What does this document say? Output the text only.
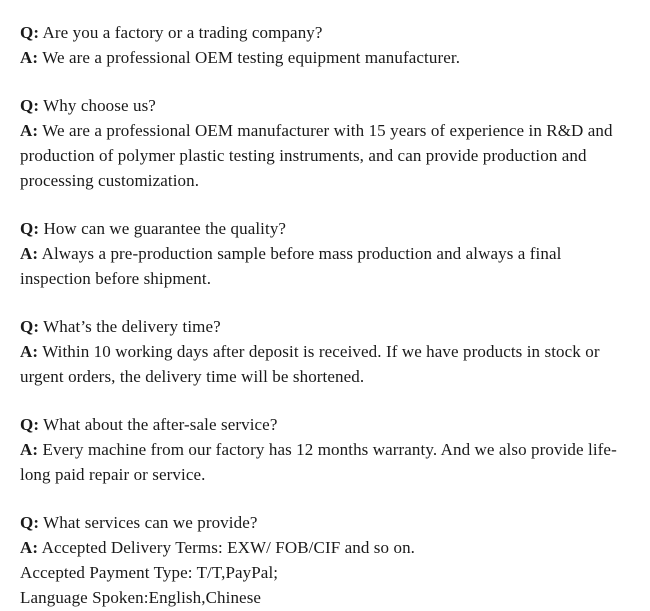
Q: Are you a factory or a trading company?

A: We are a professional OEM testing equipment manufacturer.

Q: Why choose us?

A: We are a professional OEM manufacturer with 15 years of experience in R&D and production of polymer plastic testing instruments, and can provide production and processing customization.

Q: How can we guarantee the quality?

A: Always a pre-production sample before mass production and always a final inspection before shipment.

Q: What’s the delivery time?

A: Within 10 working days after deposit is received. If we have products in stock or urgent orders, the delivery time will be shortened.

Q: What about the after-sale service?

A: Every machine from our factory has 12 months warranty. And we also provide life-long paid repair or service.

Q: What services can we provide?

A: Accepted Delivery Terms: EXW/ FOB/CIF and so on.

Accepted Payment Type: T/T,PayPal;

Language Spoken:English,Chinese
